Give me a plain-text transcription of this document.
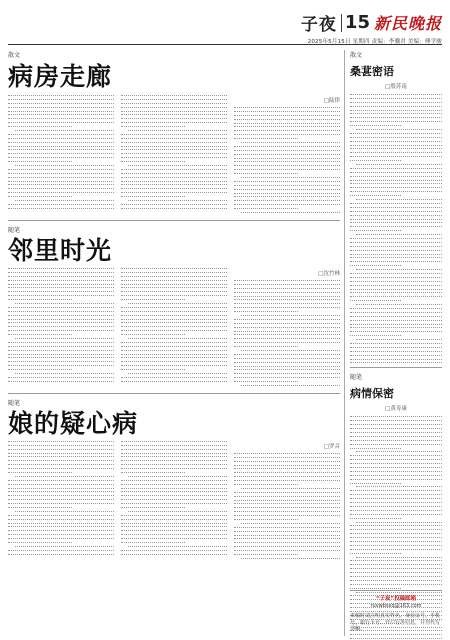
子夜 15 新民晚报
2025年5月15日 星期四 责编：李骥君 美编：傅学骏
散文
病房走廊
□陆律
随笔
邻里时光
□沈竹林
随笔
娘的疑心病
□罗音
散文
桑葚密语
□殷苏南
随笔
病情保密
□黄寿康
“子夜”投稿邮箱
ruvwbsxq@163.com
来稿时请注明真实姓名、身份证号、手机号、银行卡号、开户行等信息，并勿代写他稿。
